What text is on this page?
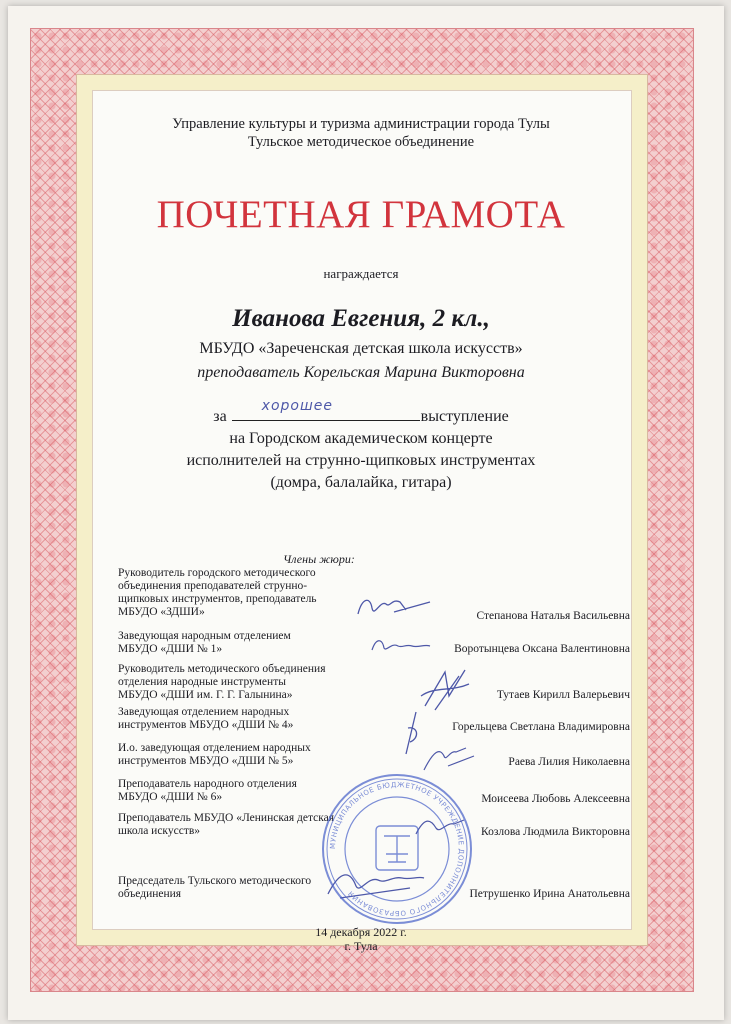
Управление культуры и туризма администрации города Тулы
Тульское методическое объединение
ПОЧЕТНАЯ ГРАМОТА
награждается
Иванова Евгения, 2 кл.,
МБУДО «Зареченская детская школа искусств»
преподаватель Корельская Марина Викторовна
за
хорошее
выступление
на Городском академическом концерте
исполнителей на струнно-щипковых инструментах
(домра, балалайка, гитара)
Члены жюри:
Руководитель городского методического
объединения преподавателей струнно-
щипковых инструментов, преподаватель
МБУДО «ЗДШИ»	Степанова Наталья Васильевна
Заведующая народным отделением
МБУДО «ДШИ № 1»	Воротынцева Оксана Валентиновна
Руководитель методического объединения
отделения народные инструменты
МБУДО «ДШИ им. Г. Г. Галынина»	Тутаев Кирилл Валерьевич
Заведующая отделением народных
инструментов МБУДО «ДШИ № 4»	Горельцева Светлана Владимировна
И.о. заведующая отделением народных
инструментов МБУДО «ДШИ № 5»	Раева Лилия Николаевна
Преподаватель народного отделения
МБУДО «ДШИ № 6»	Моисеева Любовь Алексеевна
Преподаватель МБУДО «Ленинская детская
школа искусств»	Козлова Людмила Викторовна
Председатель Тульского методического
объединения	Петрушенко Ирина Анатольевна
МУНИЦИПАЛЬНОЕ БЮДЖЕТНОЕ УЧРЕЖДЕНИЕ ДОПОЛНИТЕЛЬНОГО ОБРАЗОВАНИЯ
14 декабря 2022 г.
г. Тула
